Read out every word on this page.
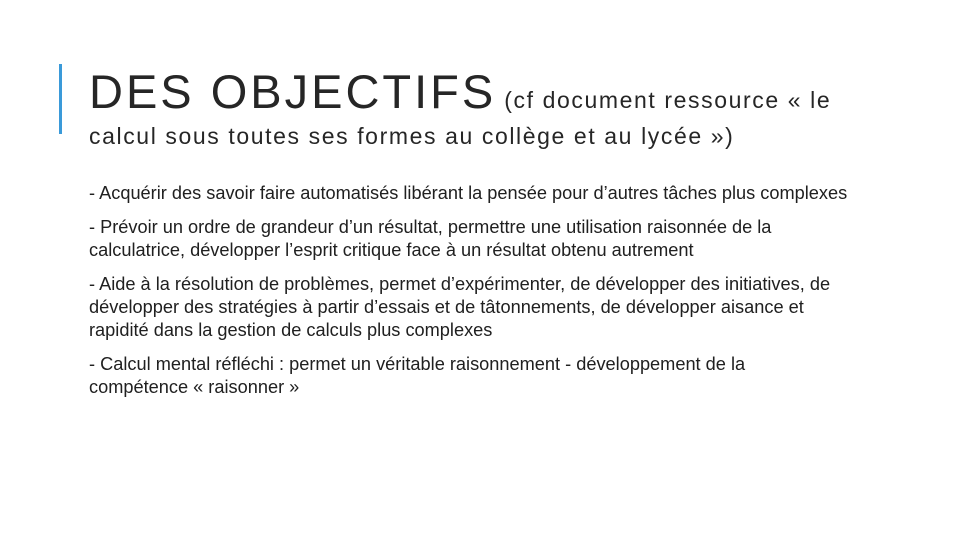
DES OBJECTIFS (cf document ressource « le
calcul sous toutes ses formes au collège et au lycée »)
- Acquérir des savoir faire automatisés libérant la pensée pour d’autres tâches plus complexes
- Prévoir un ordre de grandeur d’un résultat, permettre une utilisation raisonnée de la calculatrice, développer l’esprit critique face à un résultat obtenu autrement
- Aide à la résolution de problèmes, permet d’expérimenter, de développer des initiatives, de développer des stratégies à partir d’essais et de tâtonnements, de développer aisance et rapidité dans la gestion de calculs plus complexes
- Calcul mental réfléchi : permet un véritable raisonnement - développement de la compétence « raisonner »
